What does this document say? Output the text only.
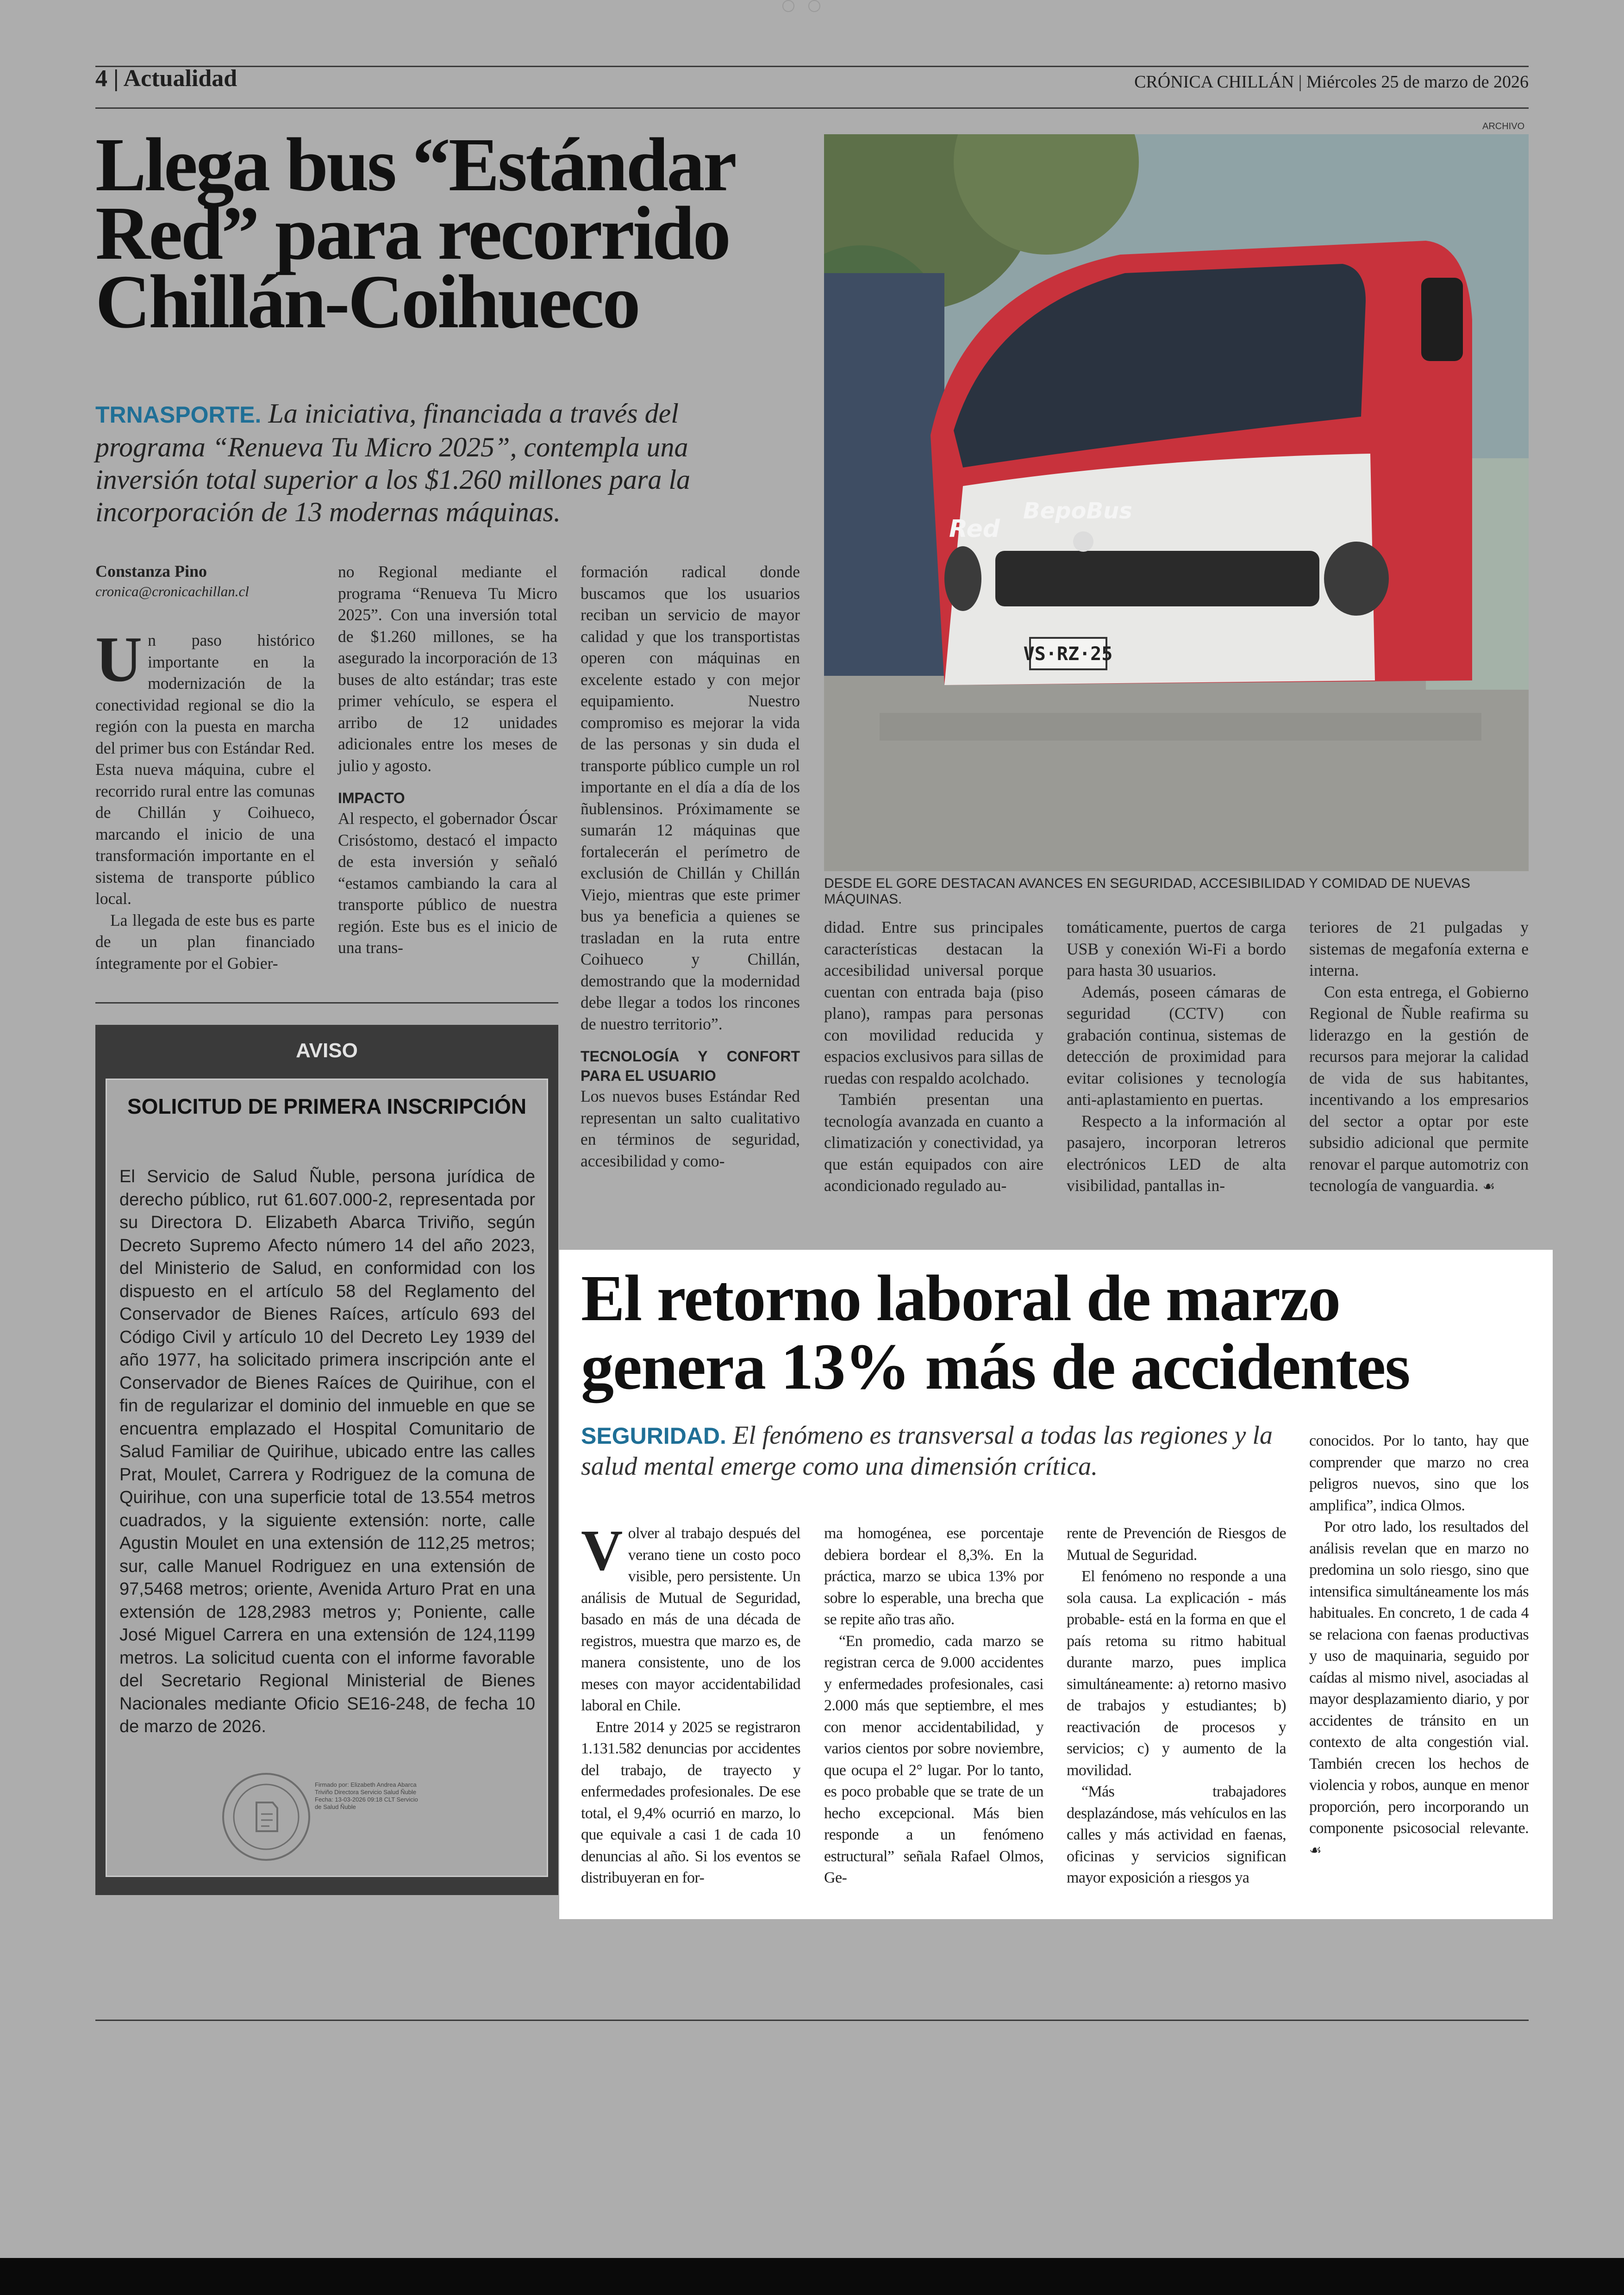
4 | Actualidad	CRÓNICA CHILLÁN | Miércoles 25 de marzo de 2026
Llega bus “Estándar Red” para recorrido Chillán-Coihueco
TRNASPORTE. La iniciativa, financiada a través del programa “Renueva Tu Micro 2025”, contempla una inversión total superior a los $1.260 millones para la incorporación de 13 modernas máquinas.
ARCHIVO
VS·RZ·25
BepoBus
Red
DESDE EL GORE DESTACAN AVANCES EN SEGURIDAD, ACCESIBILIDAD Y COMIDAD DE NUEVAS MÁQUINAS.
Constanza Pino
cronica@cronicachillan.cl

Un paso histórico importante en la modernización de la conectividad regional se dio la región con la puesta en marcha del primer bus con Estándar Red. Esta nueva máquina, cubre el recorrido rural entre las comunas de Chillán y Coihueco, marcando el inicio de una transformación importante en el sistema de transporte público local.

La llegada de este bus es parte de un plan financiado íntegramente por el Gobier-

no Regional mediante el programa “Renueva Tu Micro 2025”. Con una inversión total de $1.260 millones, se ha asegurado la incorporación de 13 buses de alto estándar; tras este primer vehículo, se espera el arribo de 12 unidades adicionales entre los meses de julio y agosto.

IMPACTO

Al respecto, el gobernador Óscar Crisóstomo, destacó el impacto de esta inversión y señaló “estamos cambiando la cara al transporte público de nuestra región. Este bus es el inicio de una trans-

formación radical donde buscamos que los usuarios reciban un servicio de mayor calidad y que los transportistas operen con máquinas en excelente estado y con mejor equipamiento. Nuestro compromiso es mejorar la vida de las personas y sin duda el transporte público cumple un rol importante en el día a día de los ñublensinos. Próximamente se sumarán 12 máquinas que fortalecerán el perímetro de exclusión de Chillán y Chillán Viejo, mientras que este primer bus ya beneficia a quienes se trasladan en la ruta entre Coihueco y Chillán, demostrando que la modernidad debe llegar a todos los rincones de nuestro territorio”.

TECNOLOGÍA Y CONFORT PARA EL USUARIO

Los nuevos buses Estándar Red representan un salto cualitativo en términos de seguridad, accesibilidad y como-

didad. Entre sus principales características destacan la accesibilidad universal porque cuentan con entrada baja (piso plano), rampas para personas con movilidad reducida y espacios exclusivos para sillas de ruedas con respaldo acolchado.

También presentan una tecnología avanzada en cuanto a climatización y conectividad, ya que están equipados con aire acondicionado regulado au-

tomáticamente, puertos de carga USB y conexión Wi-Fi a bordo para hasta 30 usuarios.

Además, poseen cámaras de seguridad (CCTV) con grabación continua, sistemas de detección de proximidad para evitar colisiones y tecnología anti-aplastamiento en puertas.

Respecto a la información al pasajero, incorporan letreros electrónicos LED de alta visibilidad, pantallas in-

teriores de 21 pulgadas y sistemas de megafonía externa e interna.

Con esta entrega, el Gobierno Regional de Ñuble reafirma su liderazgo en la gestión de recursos para mejorar la calidad de vida de sus habitantes, incentivando a los empresarios del sector a optar por este subsidio adicional que permite renovar el parque automotriz con tecnología de vanguardia. ☙

AVISO
SOLICITUD DE PRIMERA INSCRIPCIÓN
El Servicio de Salud Ñuble, persona jurídica de derecho público, rut 61.607.000-2, representada por su Directora D. Elizabeth Abarca Triviño, según Decreto Supremo Afecto número 14 del año 2023, del Ministerio de Salud, en conformidad con los dispuesto en el artículo 58 del Reglamento del Conservador de Bienes Raíces, artículo 693 del Código Civil y artículo 10 del Decreto Ley 1939 del año 1977, ha solicitado primera inscripción ante el Conservador de Bienes Raíces de Quirihue, con el fin de regularizar el dominio del inmueble en que se encuentra emplazado el Hospital Comunitario de Salud Familiar de Quirihue, ubicado entre las calles Prat, Moulet, Carrera y Rodriguez de la comuna de Quirihue, con una superficie total de 13.554 metros cuadrados, y la siguiente extensión: norte, calle Agustin Moulet en una extensión de 112,25 metros; sur, calle Manuel Rodriguez en una extensión de 97,5468 metros; oriente, Avenida Arturo Prat en una extensión de 128,2983 metros y; Poniente, calle José Miguel Carrera en una extensión de 124,1199 metros. La solicitud cuenta con el informe favorable del Secretario Regional Ministerial de Bienes Nacionales mediante Oficio SE16-248, de fecha 10 de marzo de 2026.
Firmado por: Elizabeth Andrea Abarca Triviño Directora Servicio Salud Ñuble Fecha: 13-03-2026 09:18 CLT Servicio de Salud Ñuble
El retorno laboral de marzo genera 13% más de accidentes
SEGURIDAD. El fenómeno es transversal a todas las regiones y la salud mental emerge como una dimensión crítica.

Volver al trabajo después del verano tiene un costo poco visible, pero persistente. Un análisis de Mutual de Seguridad, basado en más de una década de registros, muestra que marzo es, de manera consistente, uno de los meses con mayor accidentabilidad laboral en Chile.

Entre 2014 y 2025 se registraron 1.131.582 denuncias por accidentes del trabajo, de trayecto y enfermedades profesionales. De ese total, el 9,4% ocurrió en marzo, lo que equivale a casi 1 de cada 10 denuncias al año. Si los eventos se distribuyeran en for-

ma homogénea, ese porcentaje debiera bordear el 8,3%. En la práctica, marzo se ubica 13% por sobre lo esperable, una brecha que se repite año tras año.

“En promedio, cada marzo se registran cerca de 9.000 accidentes y enfermedades profesionales, casi 2.000 más que septiembre, el mes con menor accidentabilidad, y varios cientos por sobre noviembre, que ocupa el 2° lugar. Por lo tanto, es poco probable que se trate de un hecho excepcional. Más bien responde a un fenómeno estructural” señala Rafael Olmos, Ge-

rente de Prevención de Riesgos de Mutual de Seguridad.

El fenómeno no responde a una sola causa. La explicación - más probable- está en la forma en que el país retoma su ritmo habitual durante marzo, pues implica simultáneamente: a) retorno masivo de trabajos y estudiantes; b) reactivación de procesos y servicios; c) y aumento de la movilidad.

“Más trabajadores desplazándose, más vehículos en las calles y más actividad en faenas, oficinas y servicios significan mayor exposición a riesgos ya

conocidos. Por lo tanto, hay que comprender que marzo no crea peligros nuevos, sino que los amplifica”, indica Olmos.

Por otro lado, los resultados del análisis revelan que en marzo no predomina un solo riesgo, sino que intensifica simultáneamente los más habituales. En concreto, 1 de cada 4 se relaciona con faenas productivas y uso de maquinaria, seguido por caídas al mismo nivel, asociadas al mayor desplazamiento diario, y por accidentes de tránsito en un contexto de alta congestión vial. También crecen los hechos de violencia y robos, aunque en menor proporción, pero incorporando un componente psicosocial relevante. ☙
